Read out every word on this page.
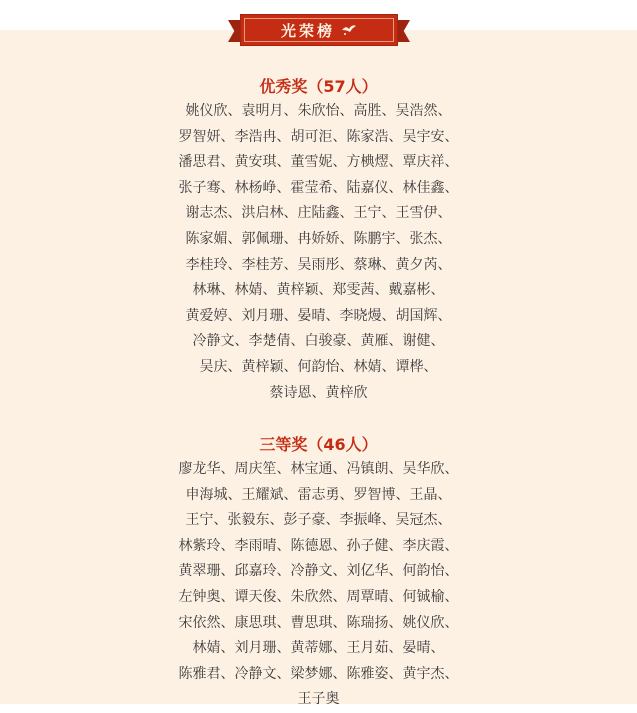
光荣榜
优秀奖（57人）
姚仪欣、袁明月、朱欣怡、高胜、吴浩然、
罗智妍、李浩冉、胡可洰、陈家浩、吴宇安、
潘思君、黄安琪、董雪妮、方椣熤、覃庆祥、
张子骞、林杨峥、霍莹希、陆嘉仪、林佳鑫、
谢志杰、洪启林、庄陆鑫、王宁、王雪伊、
陈家媚、郭佩珊、冉娇娇、陈鹏宇、张杰、
李桂玲、李桂芳、吴雨彤、蔡琳、黄夕芮、
林琳、林婧、黄梓颖、郑雯茜、戴嘉彬、
黄爱婷、刘月珊、晏晴、李晓熳、胡国辉、
冷静文、李楚倩、白骏豪、黄雁、谢健、
吴庆、黄梓颖、何韵怡、林婧、谭桦、
蔡诗恩、黄梓欣
三等奖（46人）
廖龙华、周庆笙、林宝通、冯镇朗、吴华欣、
申海城、王耀斌、雷志勇、罗智博、王晶、
王宁、张毅东、彭子豪、李振峰、吴冠杰、
林紫玲、李雨晴、陈德恩、孙子健、李庆霞、
黄翠珊、邱嘉玲、冷静文、刘亿华、何韵怡、
左钟奥、谭天俊、朱欣然、周覃晴、何铖榆、
宋依然、康思琪、曹思琪、陈瑞扬、姚仪欣、
林婧、刘月珊、黄蒂娜、王月茹、晏晴、
陈雅君、冷静文、梁梦娜、陈雅姿、黄宇杰、
王子奥
